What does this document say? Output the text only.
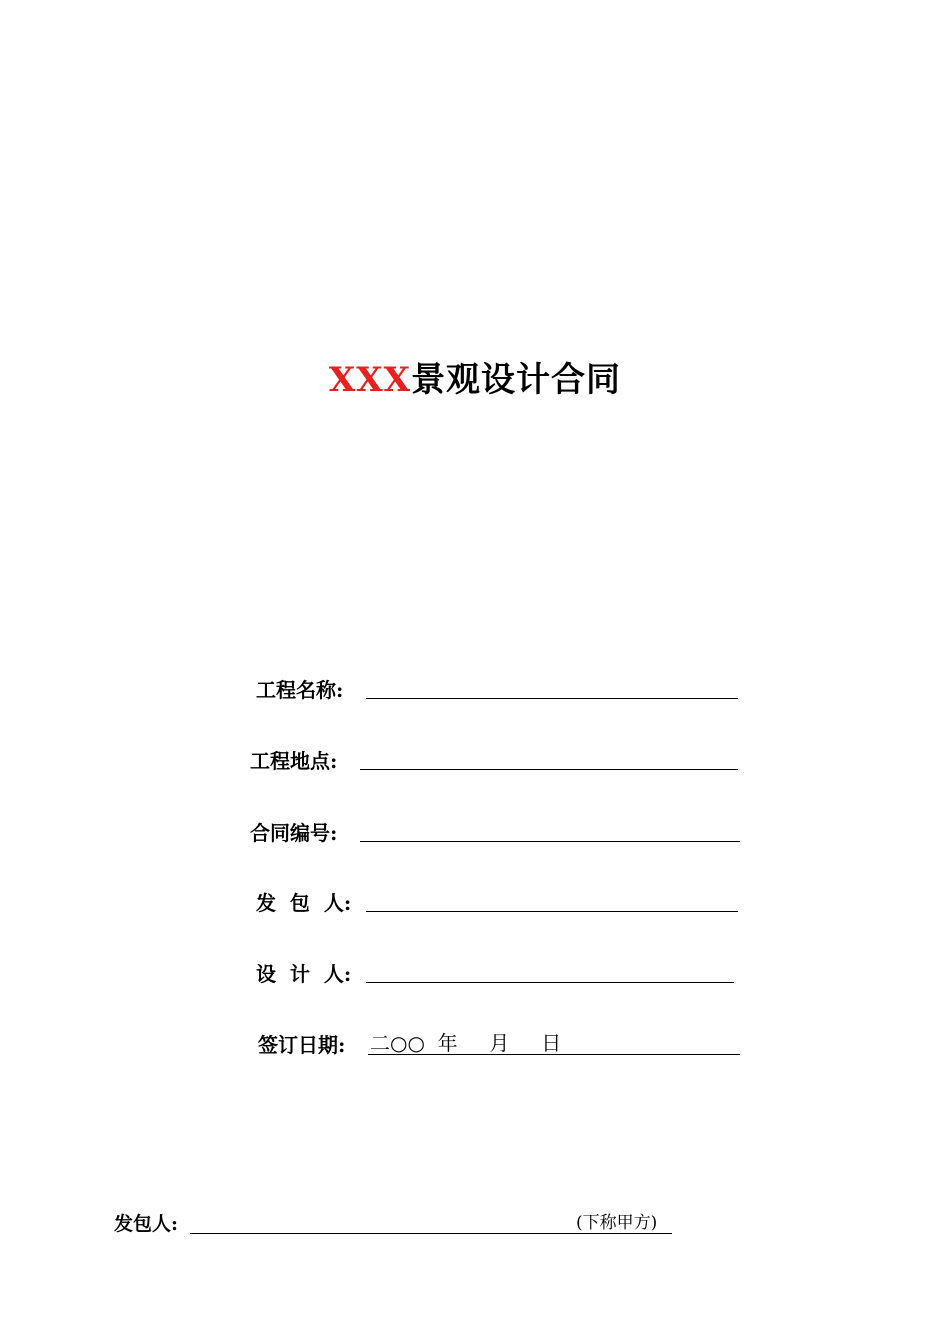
XXX景观设计合同
工程名称:
工程地点:
合同编号:
发  包  人:
设  计  人:
签订日期: 二○○  年     月     日
发包人:	(下称甲方)
